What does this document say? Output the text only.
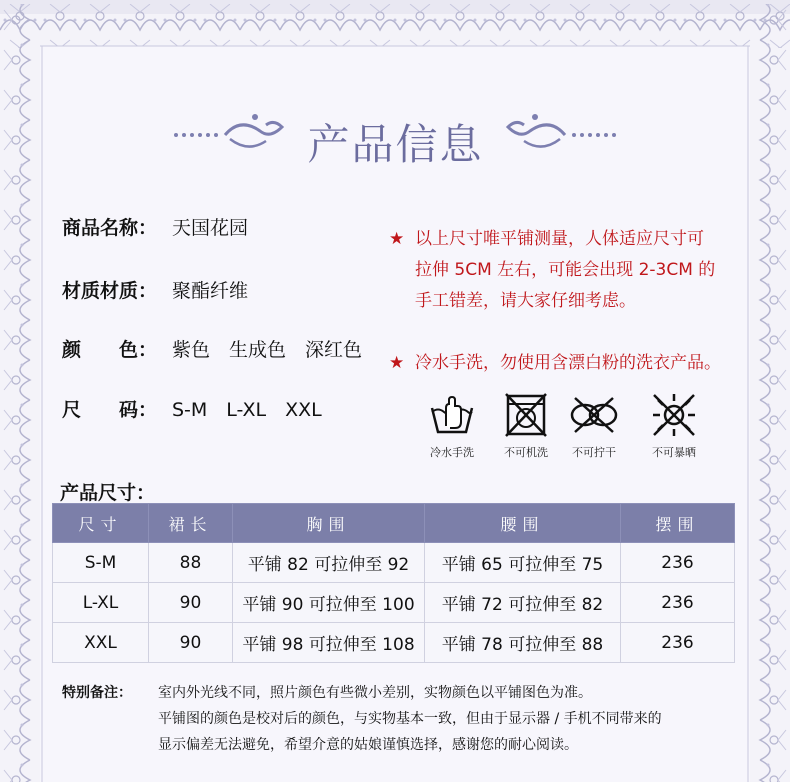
产品信息
商品名称： 天国花园
材质材质： 聚酯纤维
颜　　色： 紫色　生成色　深红色
尺　　码： S-M　L-XL　XXL
★ 以上尺寸唯平铺测量，人体适应尺寸可
拉伸 5CM 左右，可能会出现 2-3CM 的
手工错差，请大家仔细考虑。
★ 冷水手洗，勿使用含漂白粉的洗衣产品。
冷水手洗	不可机洗	不可拧干	不可暴晒
产品尺寸：
尺寸	裙长	胸围	腰围	摆围
S-M	88	平铺 82 可拉伸至 92	平铺 65 可拉伸至 75	236
L-XL	90	平铺 90 可拉伸至 100	平铺 72 可拉伸至 82	236
XXL	90	平铺 98 可拉伸至 108	平铺 78 可拉伸至 88	236
特别备注：	室内外光线不同，照片颜色有些微小差别，实物颜色以平铺图色为准。
平铺图的颜色是校对后的颜色，与实物基本一致，但由于显示器 / 手机不同带来的
显示偏差无法避免，希望介意的姑娘谨慎选择，感谢您的耐心阅读。
